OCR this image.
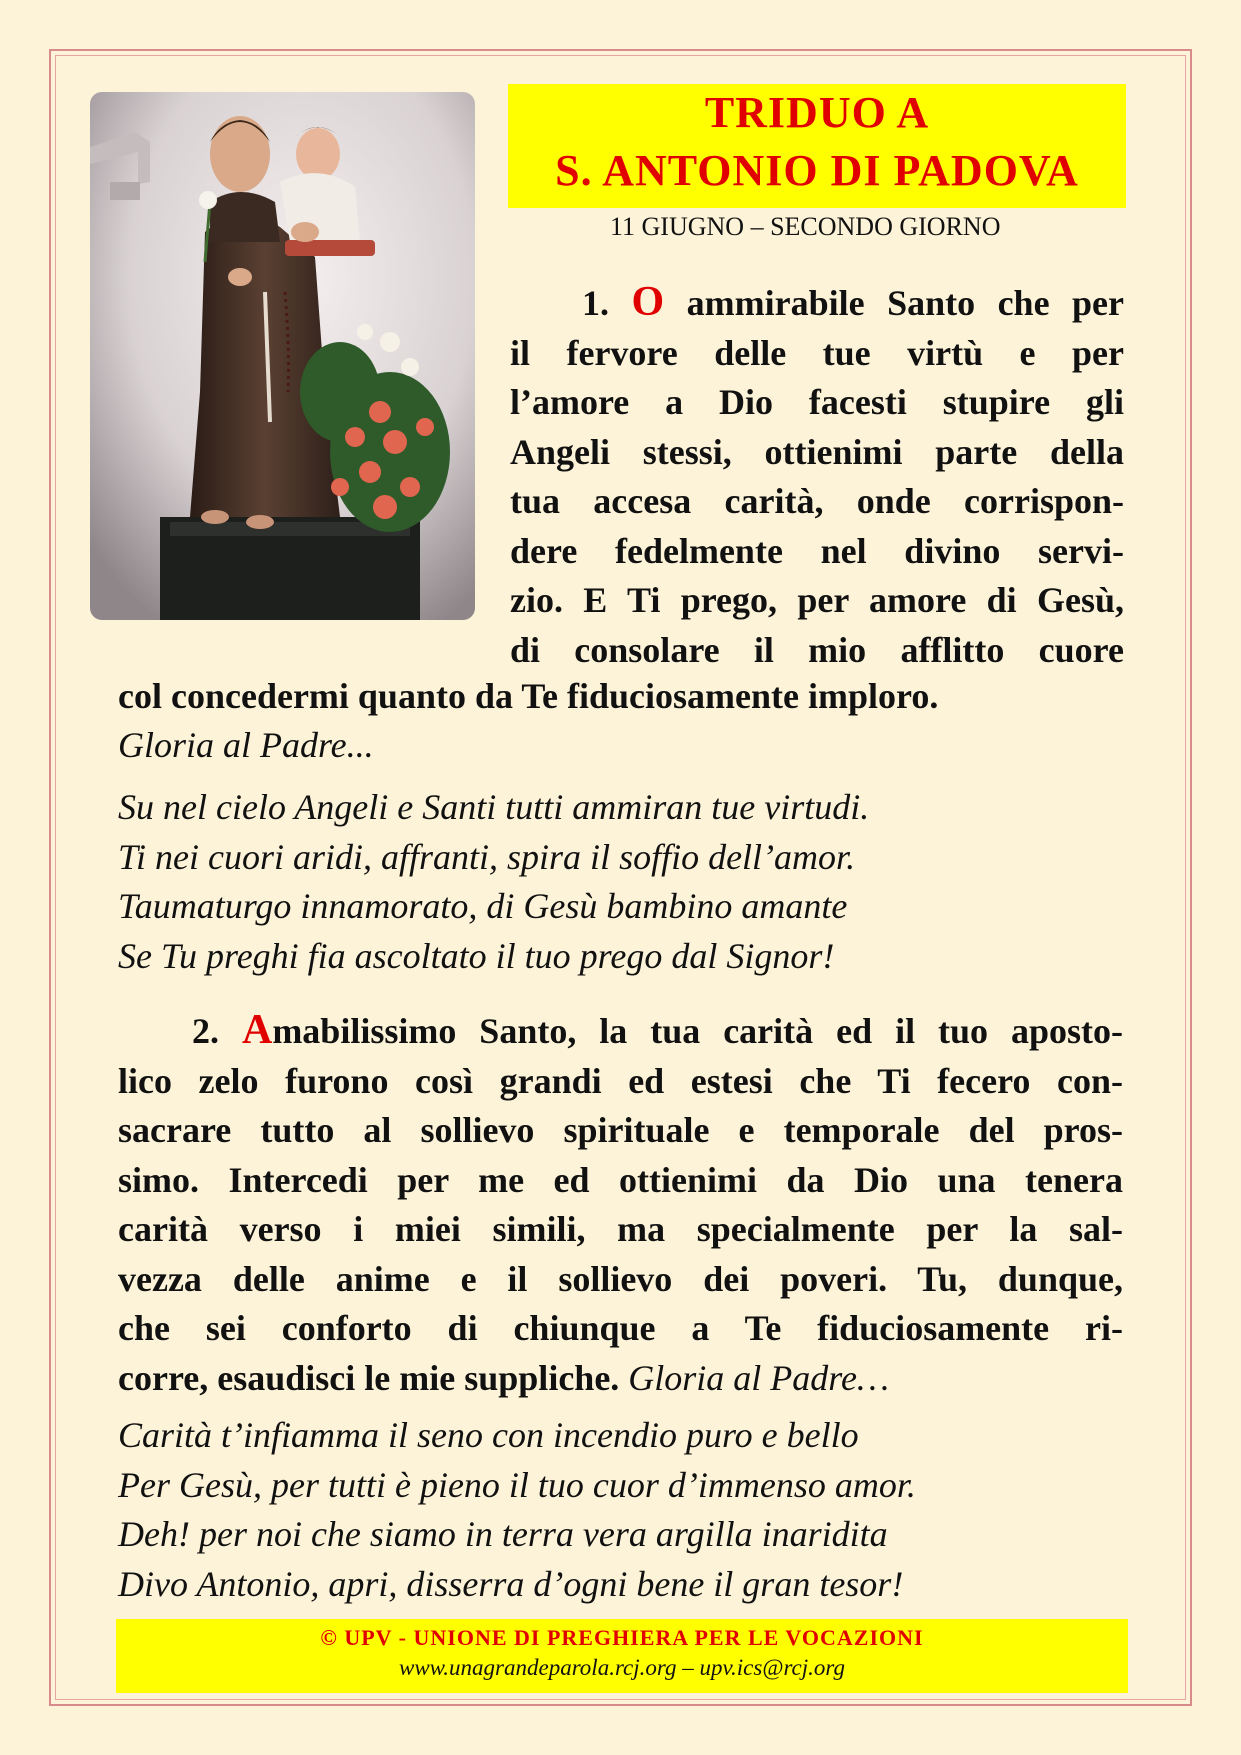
TRIDUO A
S. ANTONIO DI PADOVA
11 GIUGNO – SECONDO GIORNO
1. O ammirabile Santo che per
il fervore delle tue virtù e per
l’amore a Dio facesti stupire gli
Angeli stessi, ottienimi parte della
tua accesa carità, onde corrispon-
dere fedelmente nel divino servi-
zio. E Ti prego, per amore di Gesù,
di consolare il mio afflitto cuore
col concedermi quanto da Te fiduciosamente imploro.
Gloria al Padre...
Su nel cielo Angeli e Santi tutti ammiran tue virtudi.
Ti nei cuori aridi, affranti, spira il soffio dell’amor.
Taumaturgo innamorato, di Gesù bambino amante
Se Tu preghi fia ascoltato il tuo prego dal Signor!
2. Amabilissimo Santo, la tua carità ed il tuo aposto-
lico zelo furono così grandi ed estesi che Ti fecero con-
sacrare tutto al sollievo spirituale e temporale del pros-
simo. Intercedi per me ed ottienimi da Dio una tenera
carità verso i miei simili, ma specialmente per la sal-
vezza delle anime e il sollievo dei poveri. Tu, dunque,
che sei conforto di chiunque a Te fiduciosamente ri-
corre, esaudisci le mie suppliche. Gloria al Padre…
Carità t’infiamma il seno con incendio puro e bello
Per Gesù, per tutti è pieno il tuo cuor d’immenso amor.
Deh! per noi che siamo in terra vera argilla inaridita
Divo Antonio, apri, disserra d’ogni bene il gran tesor!
© UPV - UNIONE DI PREGHIERA PER LE VOCAZIONI
www.unagrandeparola.rcj.org – upv.ics@rcj.org
